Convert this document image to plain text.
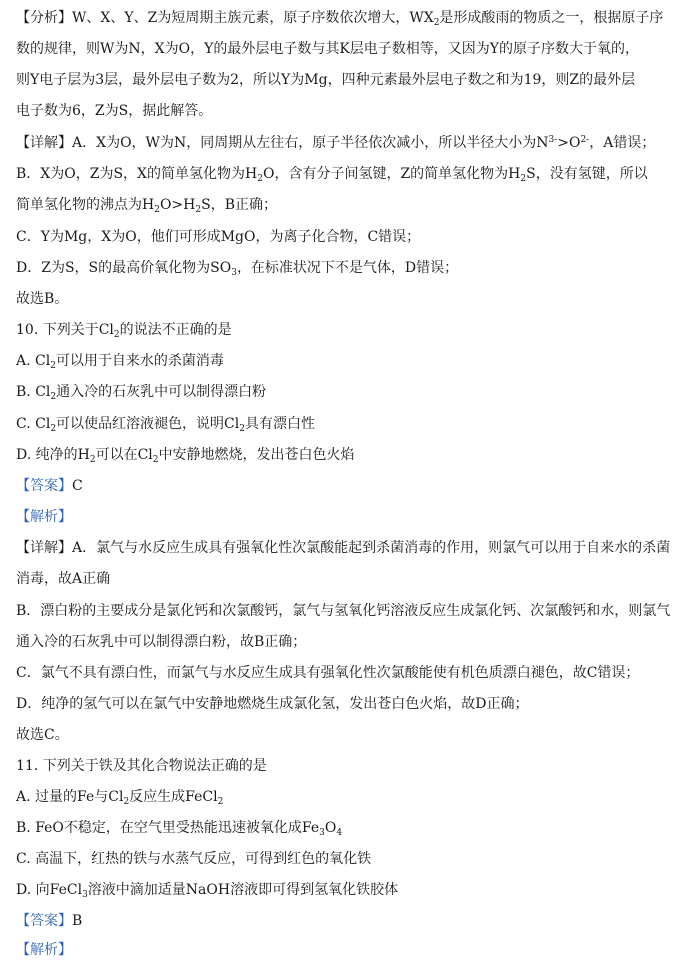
【分析】W、X、Y、Z为短周期主族元素，原子序数依次增大，$WX_2$是形成酸雨的物质之一，根据原子序
数的规律，则W为N，X为O，Y的最外层电子数与其K层电子数相等，又因为Y的原子序数大于氧的，
则Y电子层为3层，最外层电子数为2，所以Y为Mg，四种元素最外层电子数之和为19，则Z的最外层
电子数为6，Z为S，据此解答。
【详解】A．X为O，W为N，同周期从左往右，原子半径依次减小，所以半径大小为$N^{3-}>O^{2-}$，A错误；
B．X为O，Z为S，X的简单氢化物为$H_2O$，含有分子间氢键，Z的简单氢化物为$H_2S$，没有氢键，所以
简单氢化物的沸点为$H_2O>H_2S$，B正确；
C．Y为Mg，X为O，他们可形成MgO，为离子化合物，C错误；
D．Z为S，S的最高价氧化物为$SO_3$，在标准状况下不是气体，D错误；
故选B。
10. 下列关于$Cl_2$的说法不正确的是
A. $Cl_2$可以用于自来水的杀菌消毒
B. $Cl_2$通入冷的石灰乳中可以制得漂白粉
C. $Cl_2$可以使品红溶液褪色，说明$Cl_2$具有漂白性
D. 纯净的$H_2$可以在$Cl_2$中安静地燃烧，发出苍白色火焰
【答案】C
【解析】
【详解】A．氯气与水反应生成具有强氧化性次氯酸能起到杀菌消毒的作用，则氯气可以用于自来水的杀菌
消毒，故A正确
B．漂白粉的主要成分是氯化钙和次氯酸钙，氯气与氢氧化钙溶液反应生成氯化钙、次氯酸钙和水，则氯气
通入冷的石灰乳中可以制得漂白粉，故B正确；
C．氯气不具有漂白性，而氯气与水反应生成具有强氧化性次氯酸能使有机色质漂白褪色，故C错误；
D．纯净的氢气可以在氯气中安静地燃烧生成氯化氢，发出苍白色火焰，故D正确；
故选C。
11. 下列关于铁及其化合物说法正确的是
A. 过量的Fe与$Cl_2$反应生成FeCl$_2$
B. FeO不稳定，在空气里受热能迅速被氧化成$Fe_3O_4$
C. 高温下，红热的铁与水蒸气反应，可得到红色的氧化铁
D. 向FeCl$_3$溶液中滴加适量NaOH溶液即可得到氢氧化铁胶体
【答案】B
【解析】
